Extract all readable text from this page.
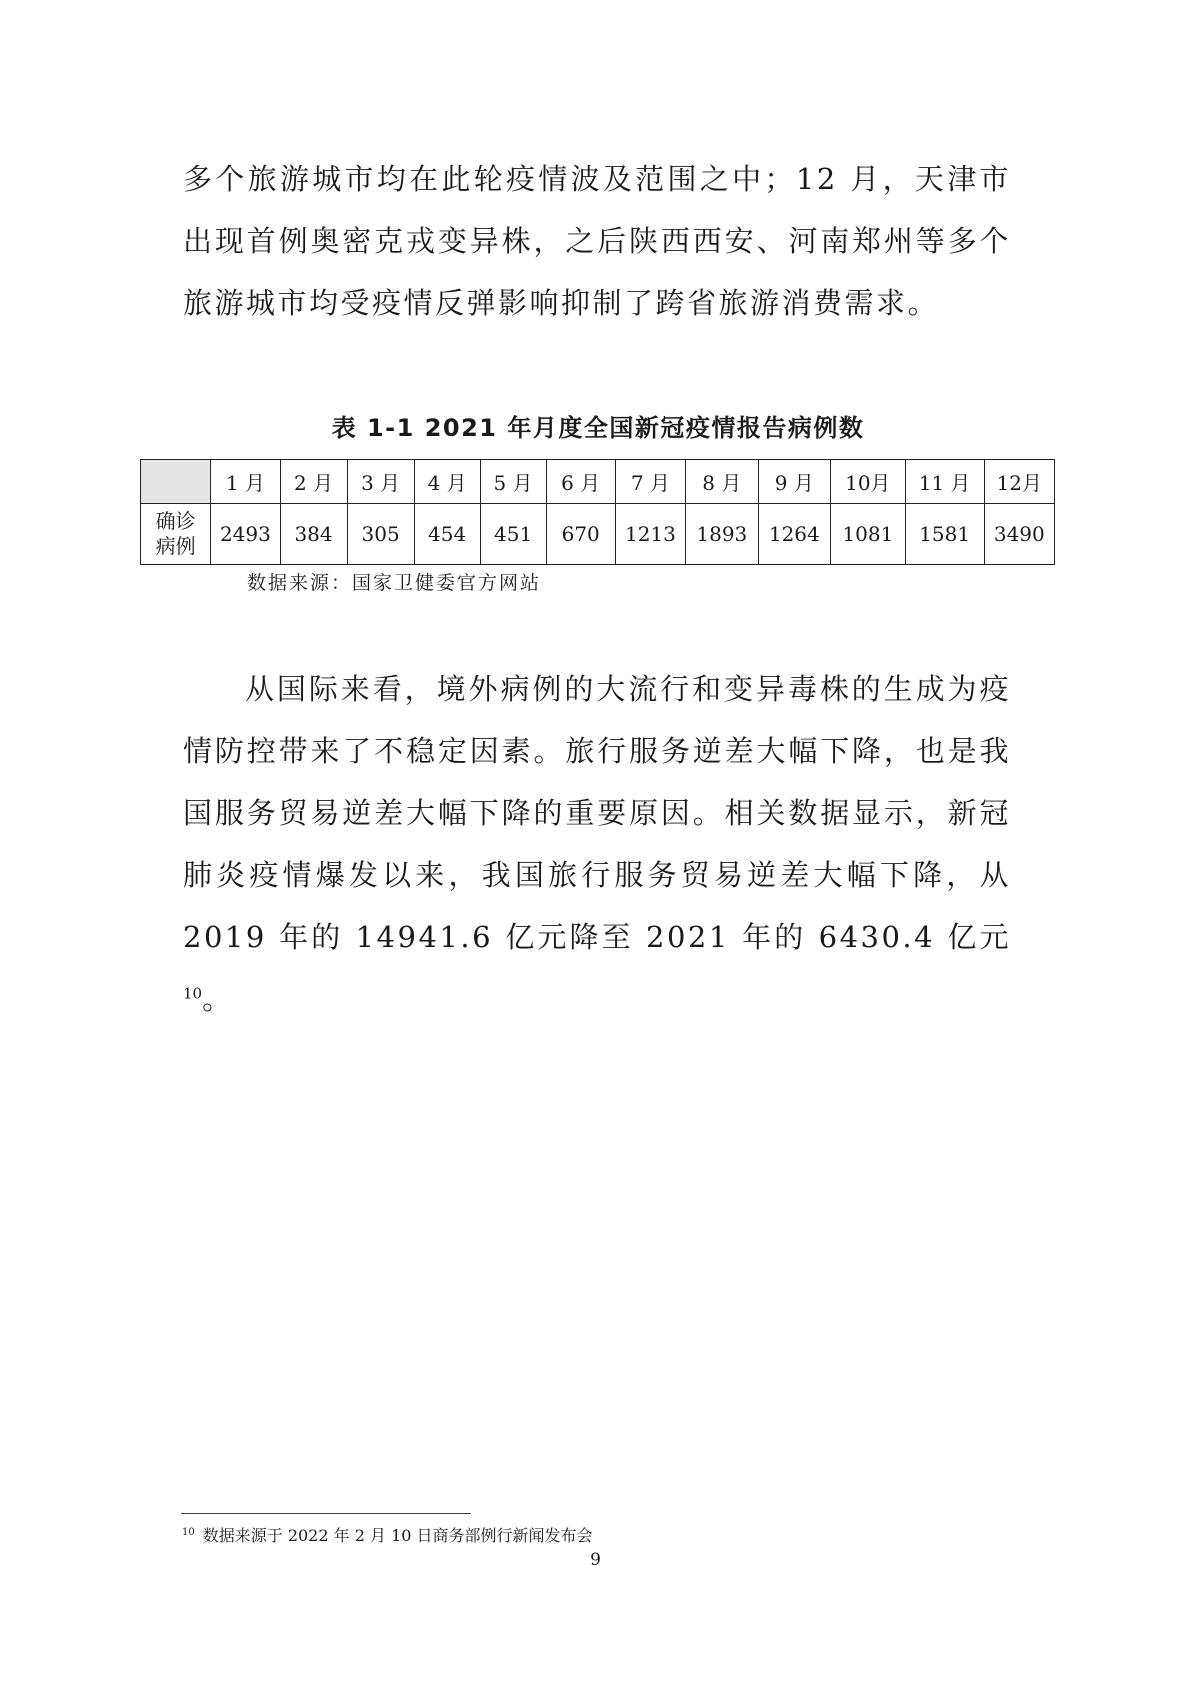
多个旅游城市均在此轮疫情波及范围之中；12 月，天津市出现首例奥密克戎变异株，之后陕西西安、河南郑州等多个旅游城市均受疫情反弹影响抑制了跨省旅游消费需求。

表 1-1 2021 年月度全国新冠疫情报告病例数
	1 月	2 月	3 月	4 月	5 月	6 月	7 月	8 月	9 月	10月	11 月	12月
确诊
病例	2493	384	305	454	451	670	1213	1893	1264	1081	1581	3490

数据来源：国家卫健委官方网站

从国际来看，境外病例的大流行和变异毒株的生成为疫情防控带来了不稳定因素。旅行服务逆差大幅下降，也是我国服务贸易逆差大幅下降的重要原因。相关数据显示，新冠肺炎疫情爆发以来，我国旅行服务贸易逆差大幅下降，从 2019 年的 14941.6 亿元降至 2021 年的 6430.4 亿元$^{10}$。

$^{10}$ 数据来源于 2022 年 2 月 10 日商务部例行新闻发布会

9
